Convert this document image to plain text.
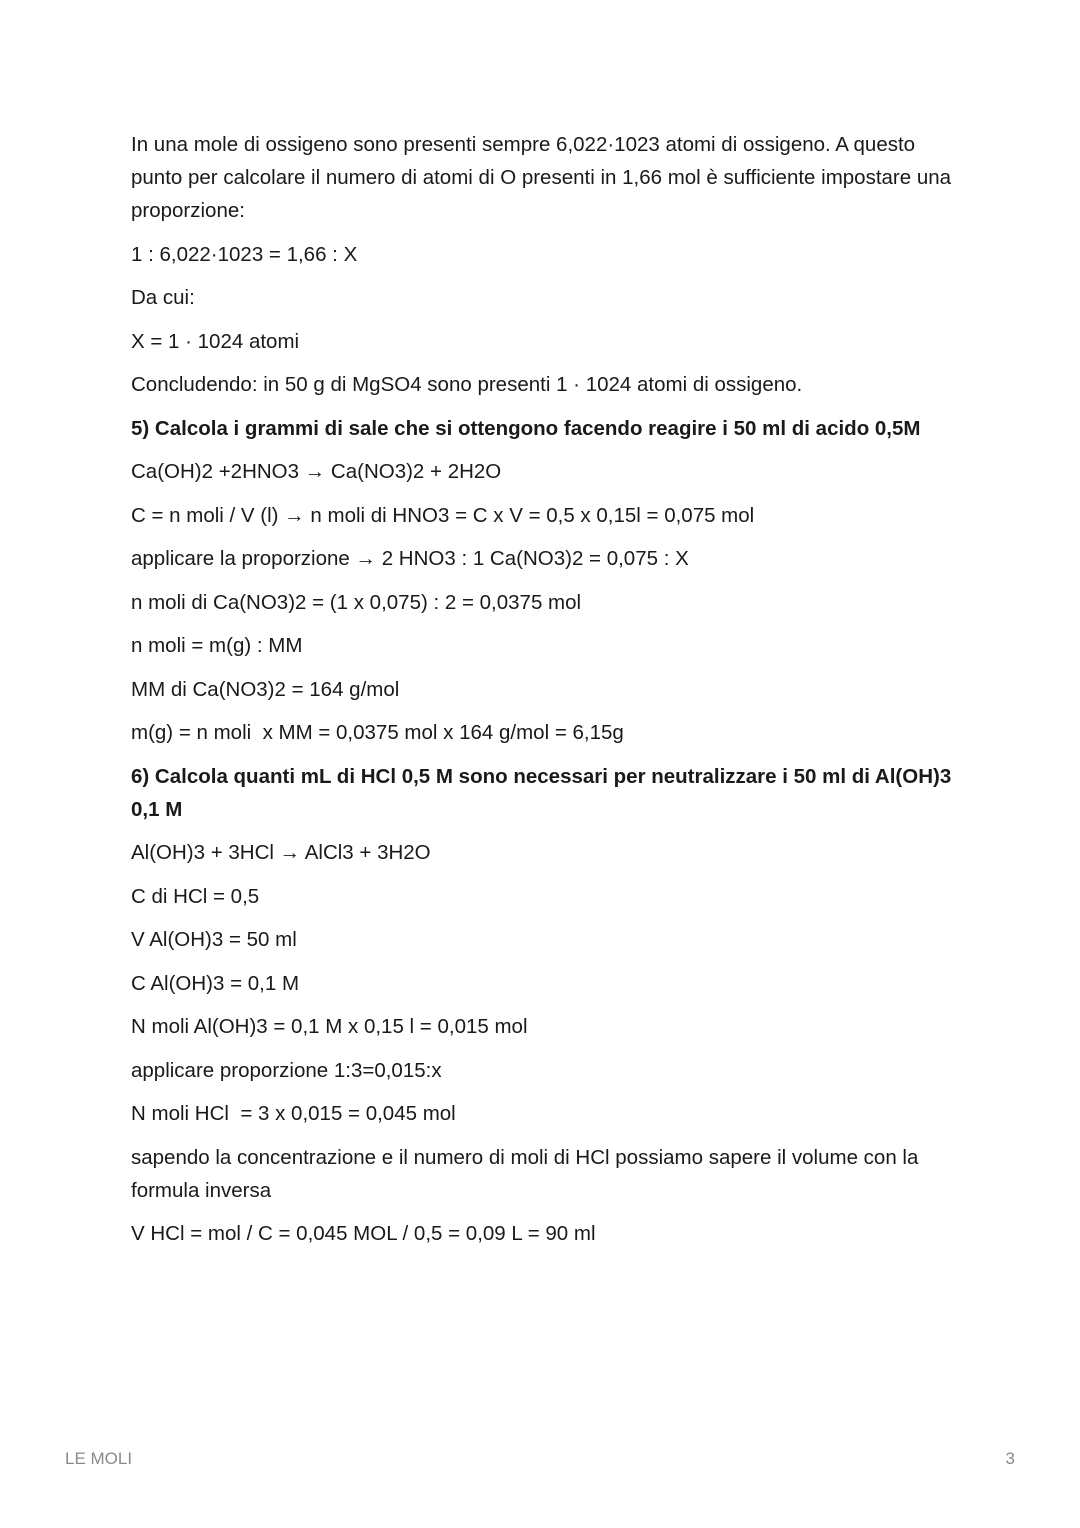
In una mole di ossigeno sono presenti sempre 6,022·1023 atomi di ossigeno. A questo punto per calcolare il numero di atomi di O presenti in 1,66 mol è sufficiente impostare una proporzione:

1 : 6,022·1023 = 1,66 : X

Da cui:

X = 1 · 1024 atomi

Concludendo: in 50 g di MgSO4 sono presenti 1 · 1024 atomi di ossigeno.

5) Calcola i grammi di sale che si ottengono facendo reagire i 50 ml di acido 0,5M

Ca(OH)2 +2HNO3 → Ca(NO3)2 + 2H2O

C = n moli / V (l) → n moli di HNO3 = C x V = 0,5 x 0,15l = 0,075 mol

applicare la proporzione → 2 HNO3 : 1 Ca(NO3)2 = 0,075 : X

n moli di Ca(NO3)2 = (1 x 0,075) : 2 = 0,0375 mol

n moli = m(g) : MM

MM di Ca(NO3)2 = 164 g/mol

m(g) = n moli  x MM = 0,0375 mol x 164 g/mol = 6,15g

6) Calcola quanti mL di HCl 0,5 M sono necessari per neutralizzare i 50 ml di Al(OH)3 0,1 M

Al(OH)3 + 3HCl → AlCl3 + 3H2O

C di HCl = 0,5

V Al(OH)3 = 50 ml

C Al(OH)3 = 0,1 M

N moli Al(OH)3 = 0,1 M x 0,15 l = 0,015 mol

applicare proporzione 1:3=0,015:x

N moli HCl  = 3 x 0,015 = 0,045 mol

sapendo la concentrazione e il numero di moli di HCl possiamo sapere il volume con la formula inversa

V HCl = mol / C = 0,045 MOL / 0,5 = 0,09 L = 90 ml

LE MOLI	3
